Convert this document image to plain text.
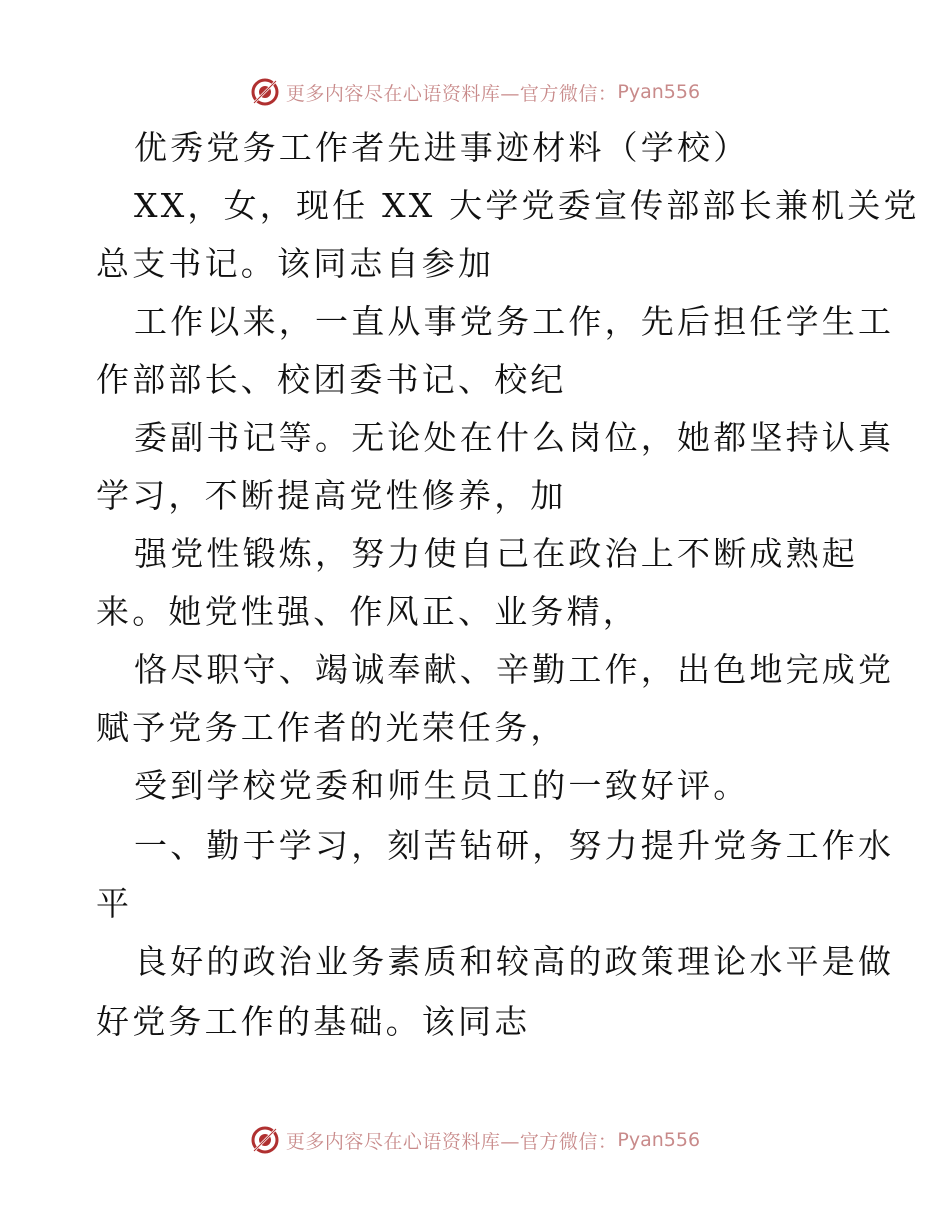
更多内容尽在心语资料库—官方微信： Pyan556
优秀党务工作者先进事迹材料（学校）
XX，女，现任 XX 大学党委宣传部部长兼机关党
总支书记。该同志自参加
工作以来，一直从事党务工作，先后担任学生工
作部部长、校团委书记、校纪
委副书记等。无论处在什么岗位，她都坚持认真
学习，不断提高党性修养，加
强党性锻炼，努力使自己在政治上不断成熟起
来。她党性强、作风正、业务精，
恪尽职守、竭诚奉献、辛勤工作，出色地完成党
赋予党务工作者的光荣任务，
受到学校党委和师生员工的一致好评。
一、勤于学习，刻苦钻研，努力提升党务工作水
平
良好的政治业务素质和较高的政策理论水平是做
好党务工作的基础。该同志
更多内容尽在心语资料库—官方微信： Pyan556
